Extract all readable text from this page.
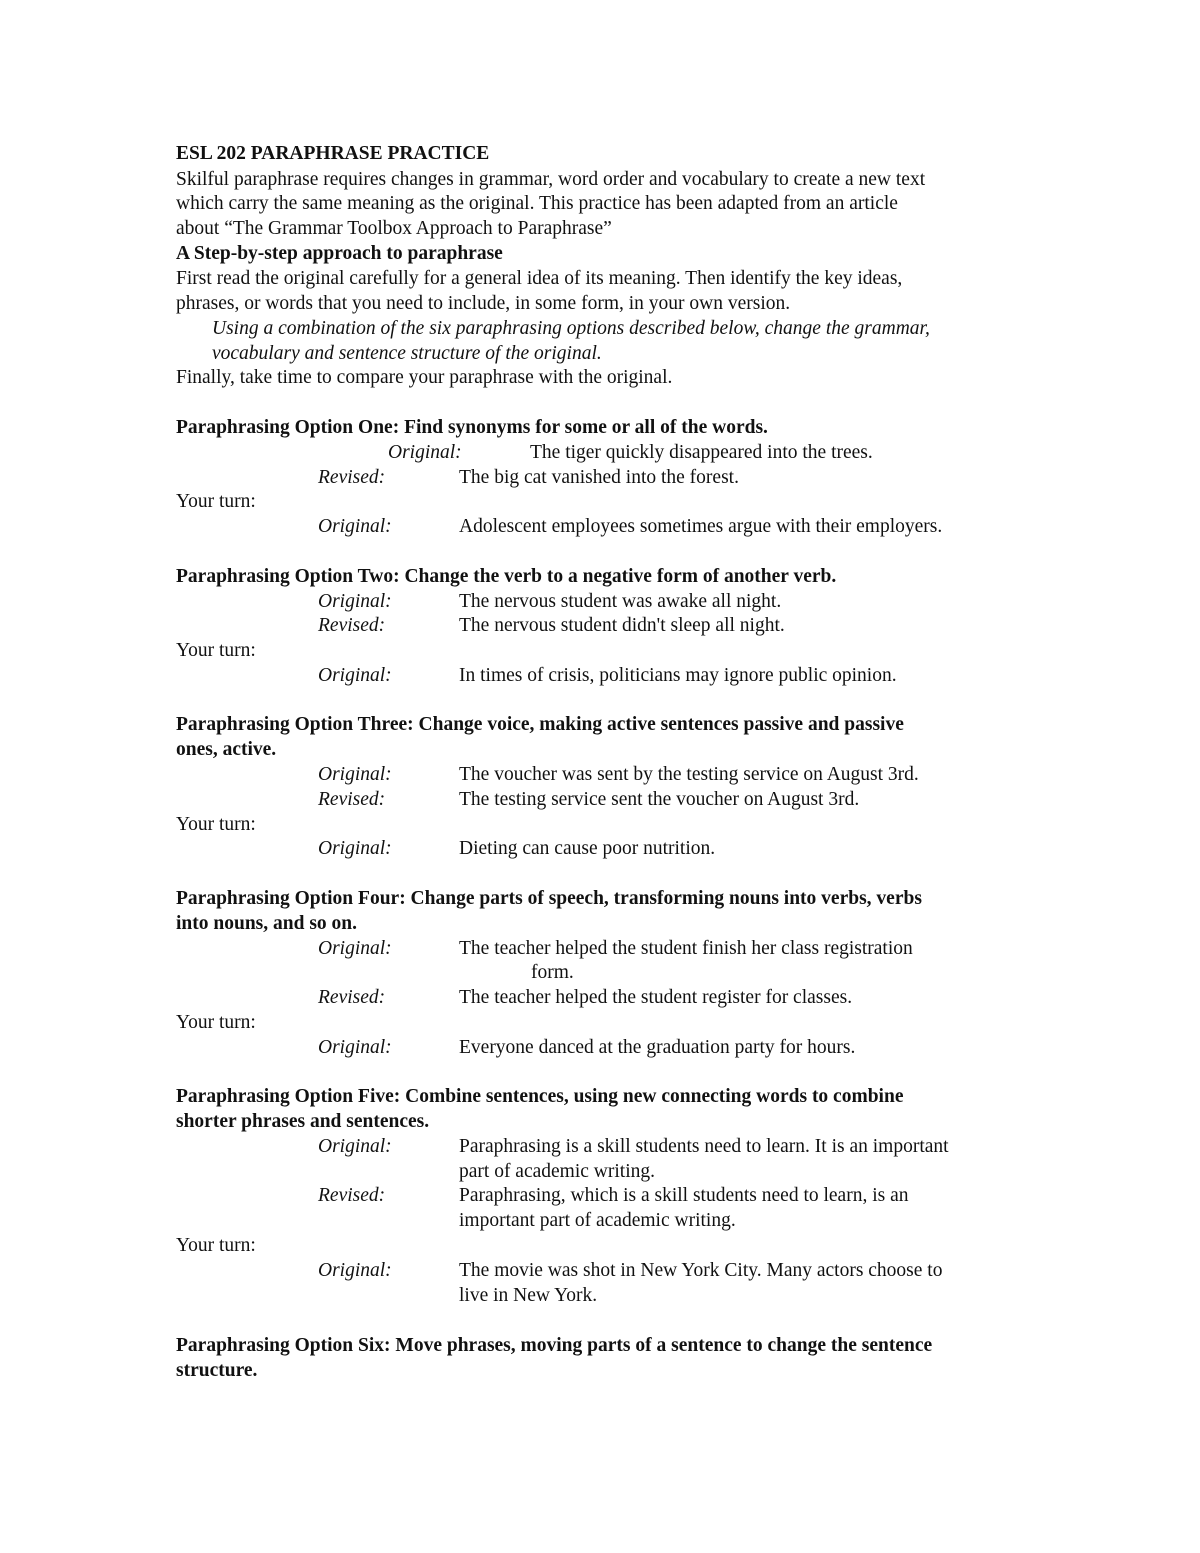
ESL 202 PARAPHRASE PRACTICE
Skilful paraphrase requires changes in grammar, word order and vocabulary to create a new text
which carry the same meaning as the original. This practice has been adapted from an article
about “The Grammar Toolbox Approach to Paraphrase”
A Step-by-step approach to paraphrase
First read the original carefully for a general idea of its meaning. Then identify the key ideas,
phrases, or words that you need to include, in some form, in your own version.
Using a combination of the six paraphrasing options described below, change the grammar,
vocabulary and sentence structure of the original.
Finally, take time to compare your paraphrase with the original.
Paraphrasing Option One: Find synonyms for some or all of the words.
Original:	The tiger quickly disappeared into the trees.
Revised:	The big cat vanished into the forest.
Your turn:
Original:	Adolescent employees sometimes argue with their employers.
Paraphrasing Option Two: Change the verb to a negative form of another verb.
Original:	The nervous student was awake all night.
Revised:	The nervous student didn't sleep all night.
Your turn:
Original:	In times of crisis, politicians may ignore public opinion.
Paraphrasing Option Three: Change voice, making active sentences passive and passive
ones, active.
Original:	The voucher was sent by the testing service on August 3rd.
Revised:	The testing service sent the voucher on August 3rd.
Your turn:
Original:	Dieting can cause poor nutrition.
Paraphrasing Option Four: Change parts of speech, transforming nouns into verbs, verbs
into nouns, and so on.
Original:	The teacher helped the student finish her class registration
form.
Revised:	The teacher helped the student register for classes.
Your turn:
Original:	Everyone danced at the graduation party for hours.
Paraphrasing Option Five: Combine sentences, using new connecting words to combine
shorter phrases and sentences.
Original:	Paraphrasing is a skill students need to learn. It is an important
part of academic writing.
Revised:	Paraphrasing, which is a skill students need to learn, is an
important part of academic writing.
Your turn:
Original:	The movie was shot in New York City. Many actors choose to
live in New York.
Paraphrasing Option Six: Move phrases, moving parts of a sentence to change the sentence
structure.
